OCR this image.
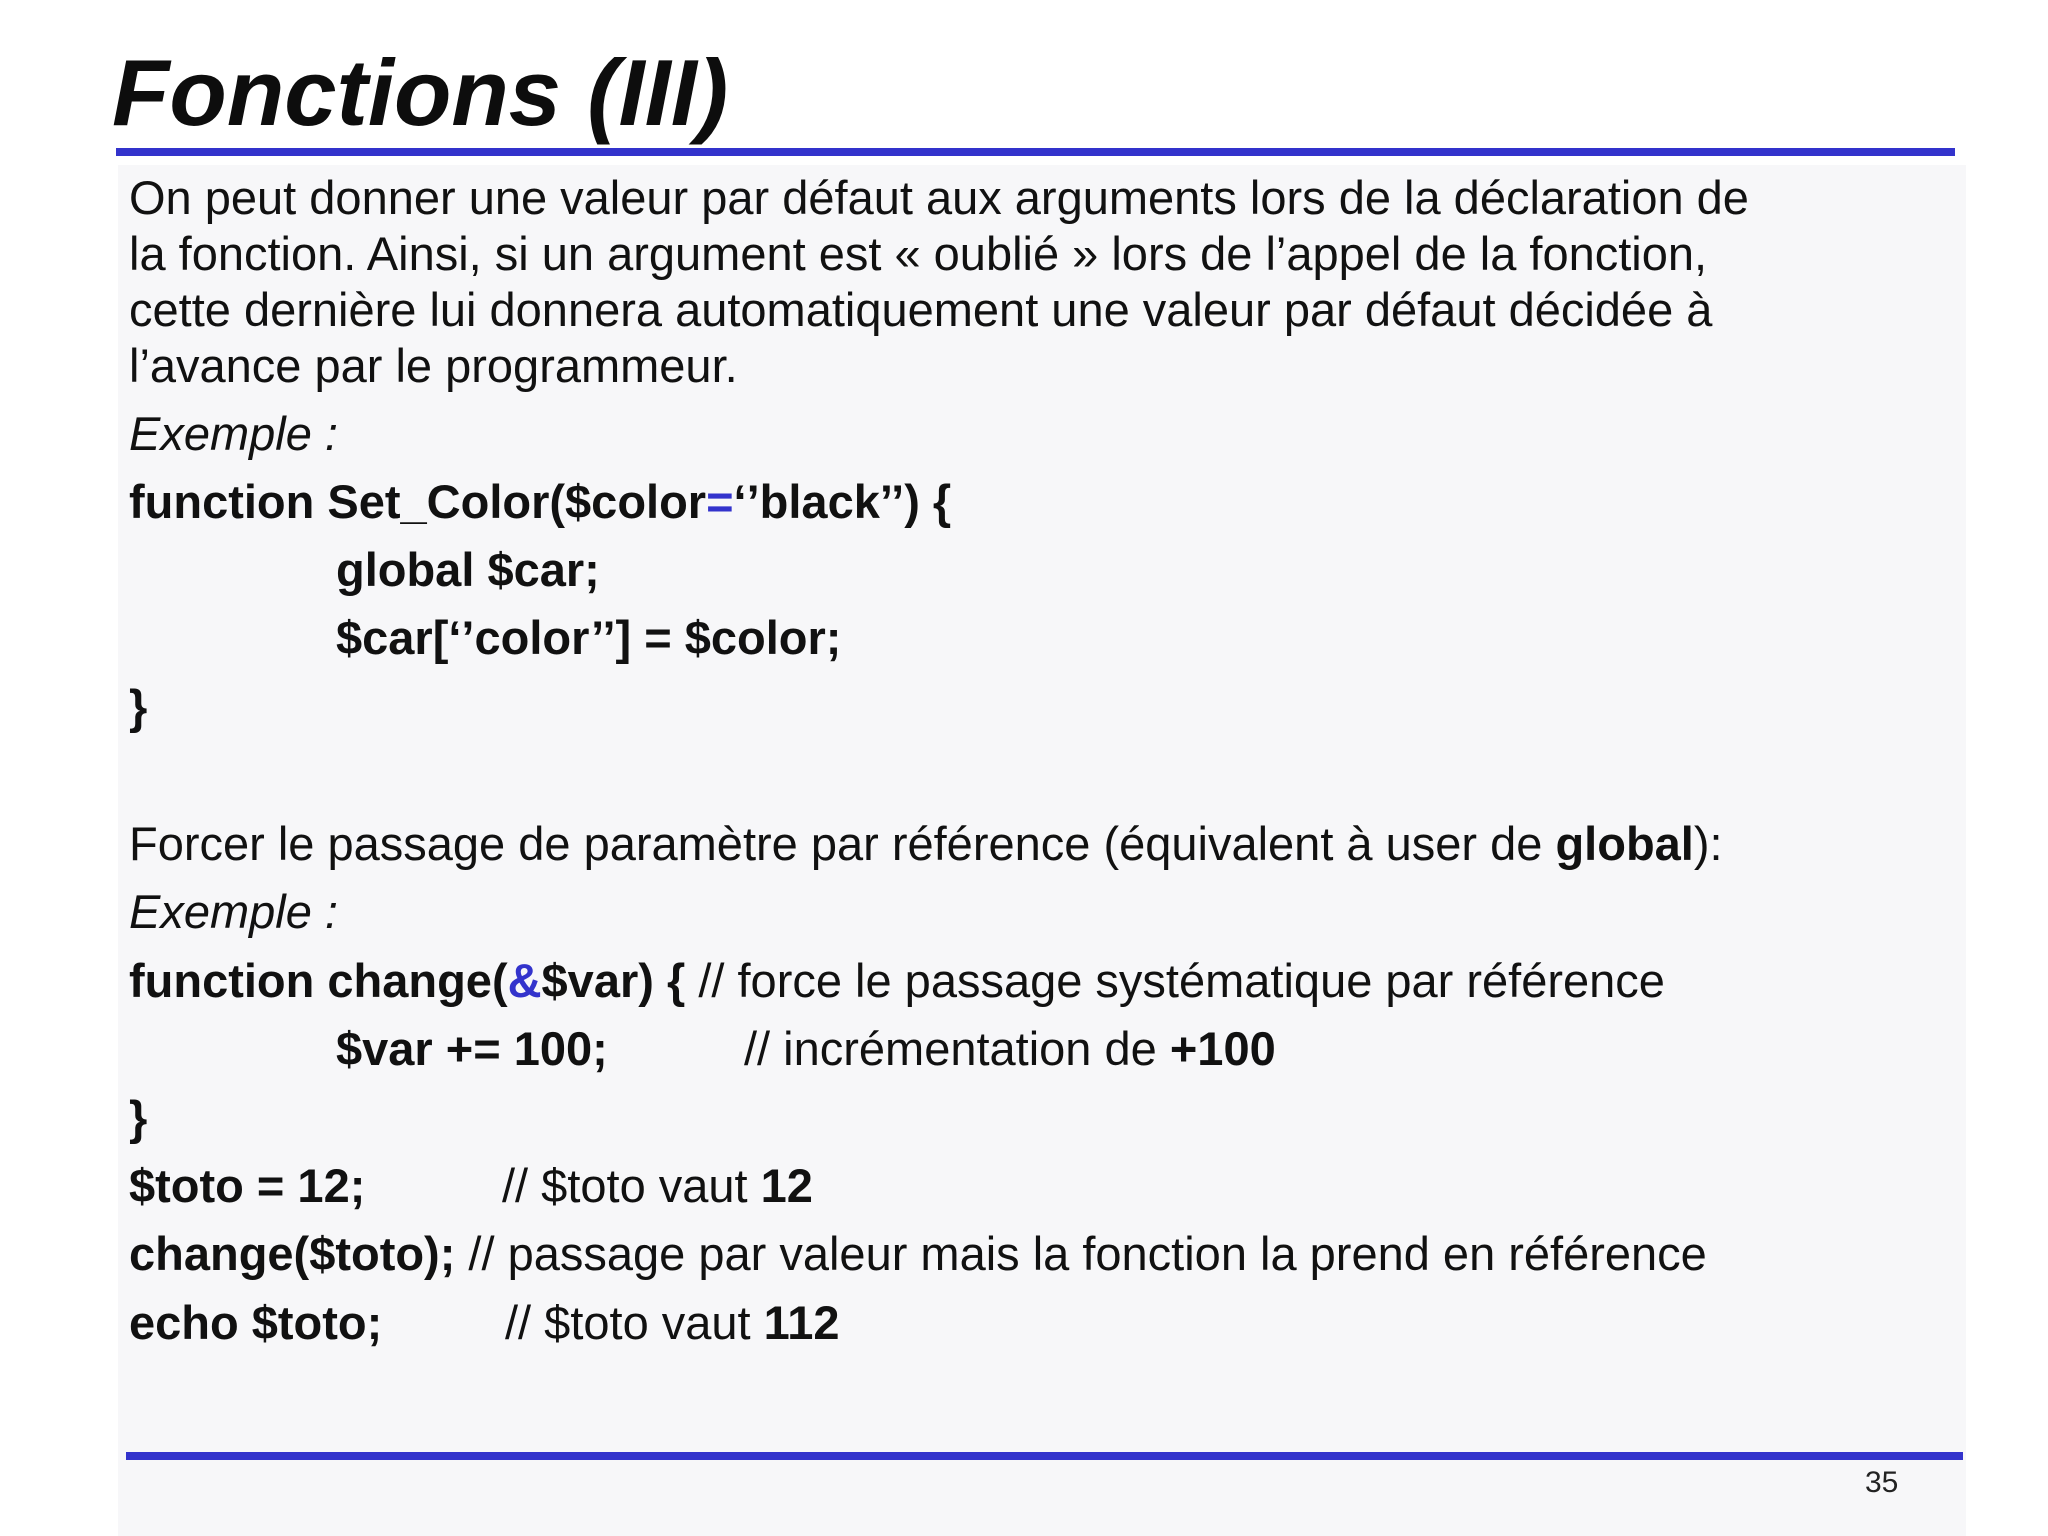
Fonctions (III)
On peut donner une valeur par défaut aux arguments lors de la déclaration de
la fonction. Ainsi, si un argument est « oublié » lors de l’appel de la fonction,
cette dernière lui donnera automatiquement une valeur par défaut décidée à
l’avance par le programmeur.
Exemple :
function Set_Color($color=‘’black’’) {
global $car;
$car[‘’color’’] = $color;
}
Forcer le passage de paramètre par référence (équivalent à user de global):
Exemple :
function change(&$var) { // force le passage systématique par référence
$var += 100;	// incrémentation de +100
}
$toto = 12;	// $toto vaut 12
change($toto); // passage par valeur mais la fonction la prend en référence
echo $toto;	// $toto vaut 112
35
